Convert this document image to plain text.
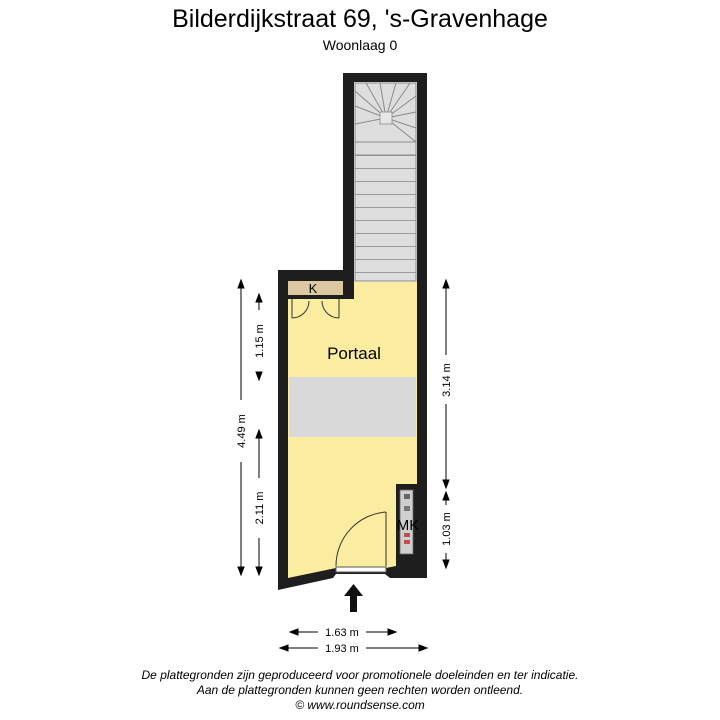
Bilderdijkstraat 69, 's-Gravenhage
Woonlaag 0
Portaal
K
MK
4.49 m
1.15 m
2.11 m
3.14 m
1.03 m
1.63 m
1.93 m
De plattegronden zijn geproduceerd voor promotionele doeleinden en ter indicatie.
Aan de plattegronden kunnen geen rechten worden ontleend.
© www.roundsense.com
